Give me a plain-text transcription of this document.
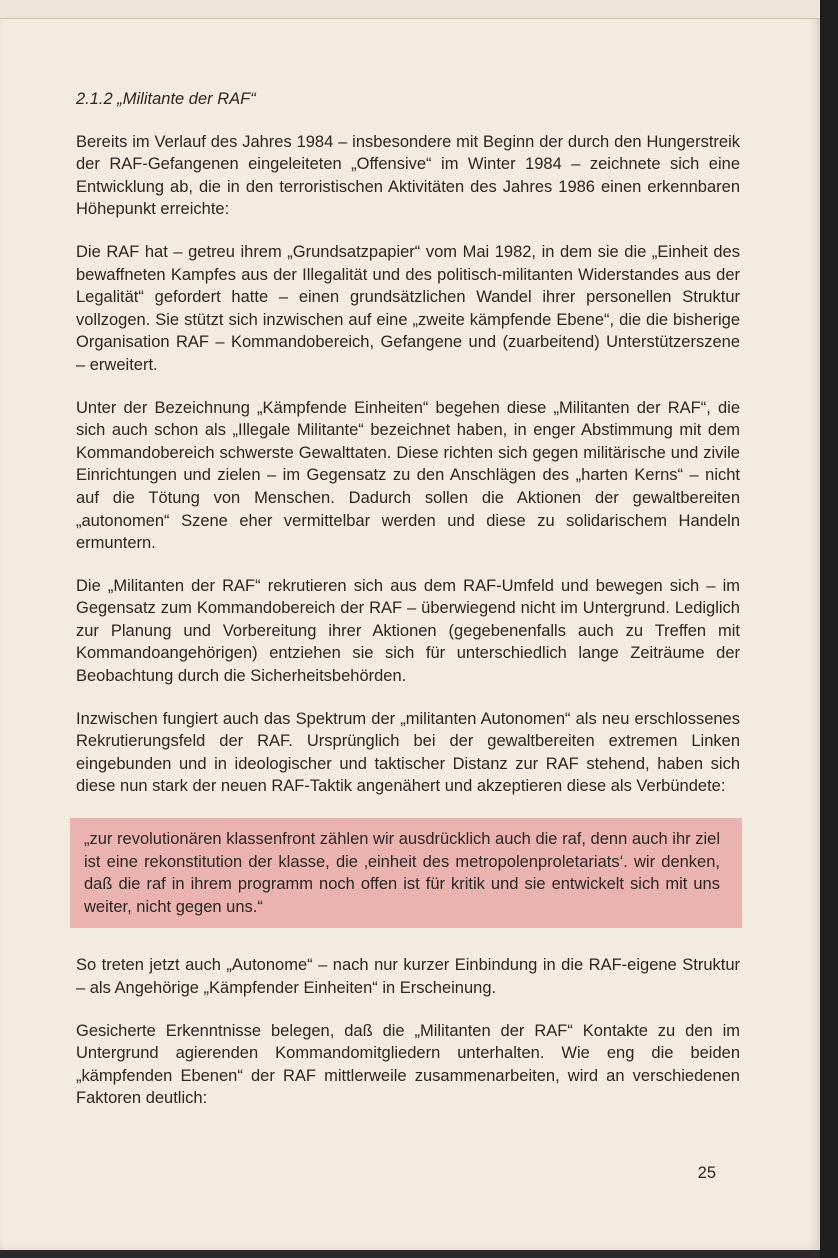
2.1.2 „Militante der RAF“

Bereits im Verlauf des Jahres 1984 – insbesondere mit Beginn der durch den Hungerstreik der RAF-Gefangenen eingeleiteten „Offensive“ im Winter 1984 – zeichnete sich eine Entwicklung ab, die in den terroristischen Aktivitäten des Jahres 1986 einen erkennbaren Höhepunkt erreichte:

Die RAF hat – getreu ihrem „Grundsatzpapier“ vom Mai 1982, in dem sie die „Einheit des bewaffneten Kampfes aus der Illegalität und des politisch-militanten Widerstandes aus der Legalität“ gefordert hatte – einen grundsätzlichen Wandel ihrer personellen Struktur vollzogen. Sie stützt sich inzwischen auf eine „zweite kämpfende Ebene“, die die bisherige Organisation RAF – Kommandobereich, Gefangene und (zuarbeitend) Unterstützerszene – erweitert.

Unter der Bezeichnung „Kämpfende Einheiten“ begehen diese „Militanten der RAF“, die sich auch schon als „Illegale Militante“ bezeichnet haben, in enger Abstimmung mit dem Kommandobereich schwerste Gewalttaten. Diese richten sich gegen militärische und zivile Einrichtungen und zielen – im Gegensatz zu den Anschlägen des „harten Kerns“ – nicht auf die Tötung von Menschen. Dadurch sollen die Aktionen der gewaltbereiten „autonomen“ Szene eher vermittelbar werden und diese zu solidarischem Handeln ermuntern.

Die „Militanten der RAF“ rekrutieren sich aus dem RAF-Umfeld und bewegen sich – im Gegensatz zum Kommandobereich der RAF – überwiegend nicht im Untergrund. Lediglich zur Planung und Vorbereitung ihrer Aktionen (gegebenenfalls auch zu Treffen mit Kommandoangehörigen) entziehen sie sich für unterschiedlich lange Zeiträume der Beobachtung durch die Sicherheitsbehörden.

Inzwischen fungiert auch das Spektrum der „militanten Autonomen“ als neu erschlossenes Rekrutierungsfeld der RAF. Ursprünglich bei der gewaltbereiten extremen Linken eingebunden und in ideologischer und taktischer Distanz zur RAF stehend, haben sich diese nun stark der neuen RAF-Taktik angenähert und akzeptieren diese als Verbündete:

„zur revolutionären klassenfront zählen wir ausdrücklich auch die raf, denn auch ihr ziel ist eine rekonstitution der klasse, die ‚einheit des metropolenproletariats‘. wir denken, daß die raf in ihrem programm noch offen ist für kritik und sie entwickelt sich mit uns weiter, nicht gegen uns.“

So treten jetzt auch „Autonome“ – nach nur kurzer Einbindung in die RAF-eigene Struktur – als Angehörige „Kämpfender Einheiten“ in Erscheinung.

Gesicherte Erkenntnisse belegen, daß die „Militanten der RAF“ Kontakte zu den im Untergrund agierenden Kommandomitgliedern unterhalten. Wie eng die beiden „kämpfenden Ebenen“ der RAF mittlerweile zusammenarbeiten, wird an verschiedenen Faktoren deutlich:

25
